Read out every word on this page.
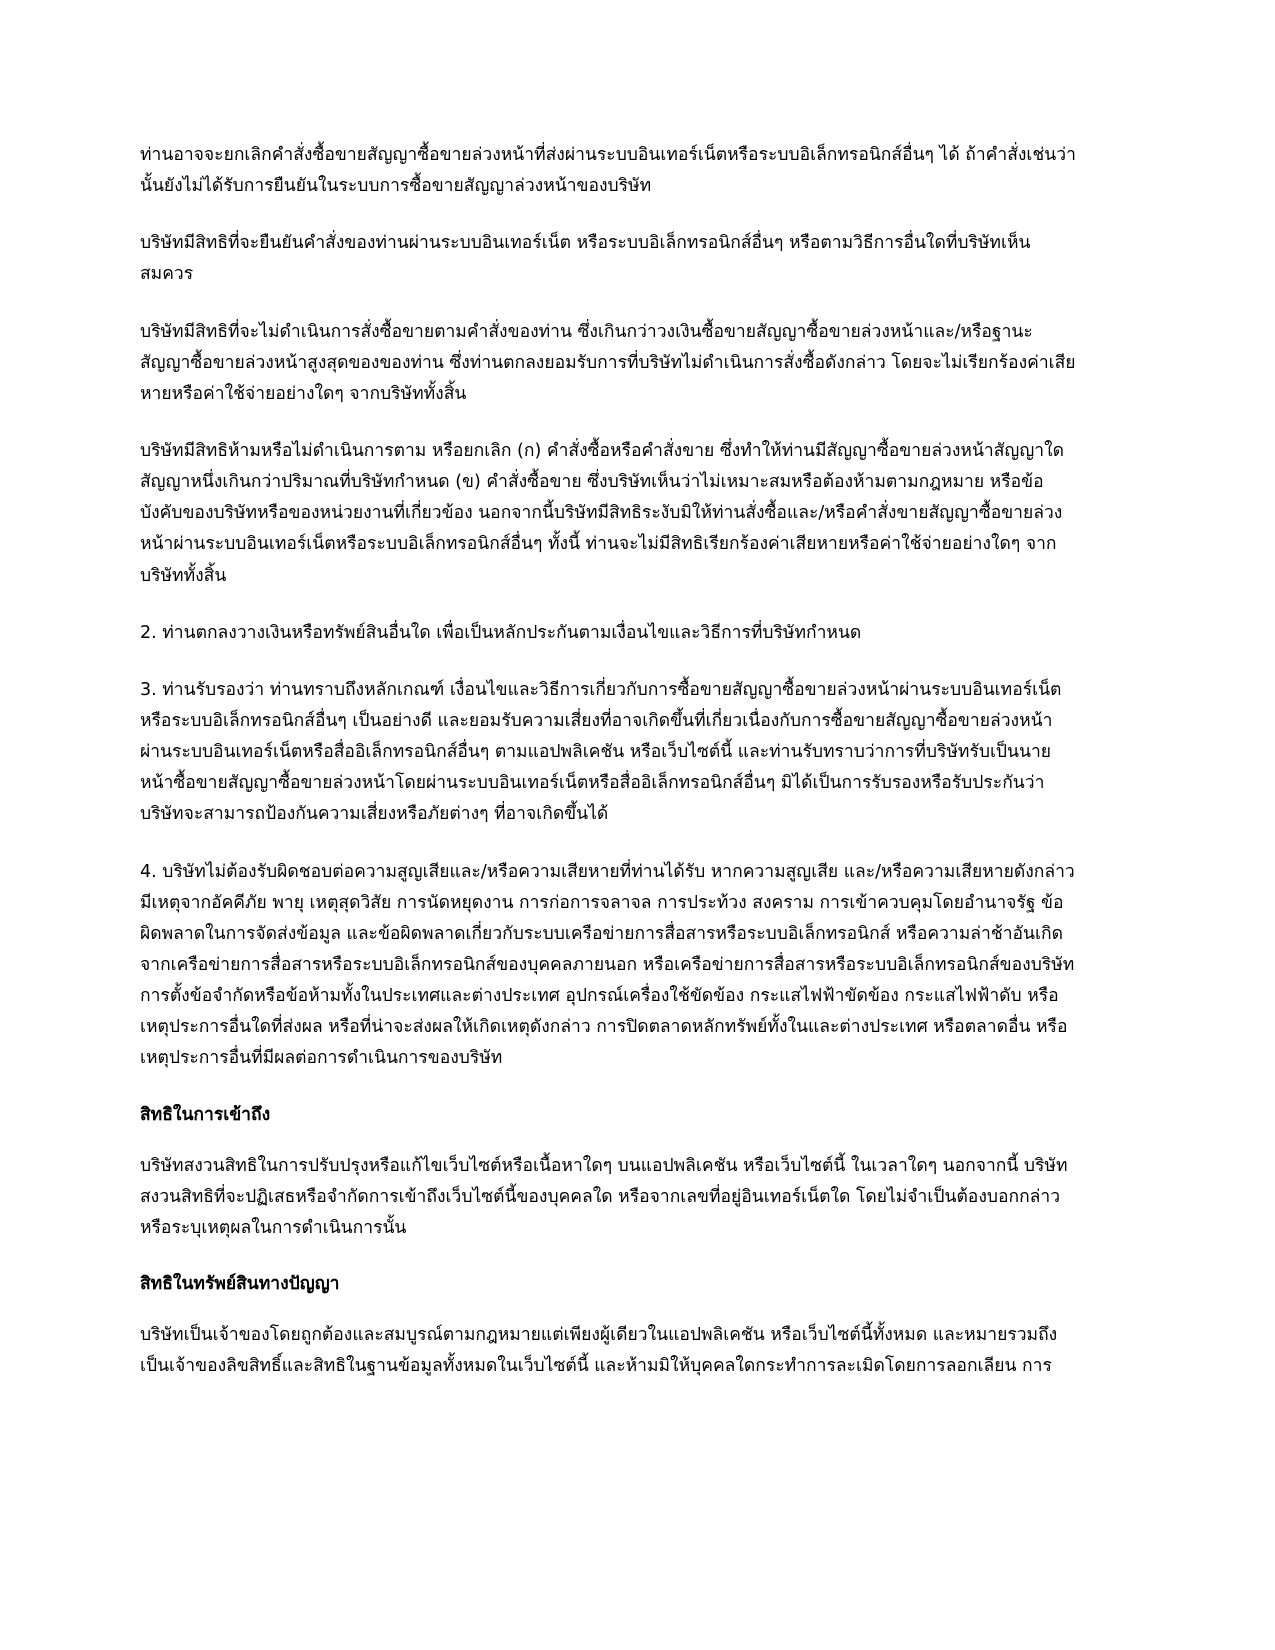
ท่านอาจจะยกเลิกคำสั่งซื้อขายสัญญาซื้อขายล่วงหน้าที่ส่งผ่านระบบอินเทอร์เน็ตหรือระบบอิเล็กทรอนิกส์อื่นๆ ได้ ถ้าคำสั่งเช่นว่านั้นยังไม่ได้รับการยืนยันในระบบการซื้อขายสัญญาล่วงหน้าของบริษัท

บริษัทมีสิทธิที่จะยืนยันคำสั่งของท่านผ่านระบบอินเทอร์เน็ต หรือระบบอิเล็กทรอนิกส์อื่นๆ หรือตามวิธีการอื่นใดที่บริษัทเห็นสมควร

บริษัทมีสิทธิที่จะไม่ดำเนินการสั่งซื้อขายตามคำสั่งของท่าน ซึ่งเกินกว่าวงเงินซื้อขายสัญญาซื้อขายล่วงหน้าและ/หรือฐานะสัญญาซื้อขายล่วงหน้าสูงสุดของของท่าน ซึ่งท่านตกลงยอมรับการที่บริษัทไม่ดำเนินการสั่งซื้อดังกล่าว โดยจะไม่เรียกร้องค่าเสียหายหรือค่าใช้จ่ายอย่างใดๆ จากบริษัททั้งสิ้น

บริษัทมีสิทธิห้ามหรือไม่ดำเนินการตาม หรือยกเลิก (ก) คำสั่งซื้อหรือคำสั่งขาย ซึ่งทำให้ท่านมีสัญญาซื้อขายล่วงหน้าสัญญาใดสัญญาหนึ่งเกินกว่าปริมาณที่บริษัทกำหนด (ข) คำสั่งซื้อขาย ซึ่งบริษัทเห็นว่าไม่เหมาะสมหรือต้องห้ามตามกฎหมาย หรือข้อบังคับของบริษัทหรือของหน่วยงานที่เกี่ยวข้อง นอกจากนี้บริษัทมีสิทธิระงับมิให้ท่านสั่งซื้อและ/หรือคำสั่งขายสัญญาซื้อขายล่วงหน้าผ่านระบบอินเทอร์เน็ตหรือระบบอิเล็กทรอนิกส์อื่นๆ ทั้งนี้ ท่านจะไม่มีสิทธิเรียกร้องค่าเสียหายหรือค่าใช้จ่ายอย่างใดๆ จากบริษัททั้งสิ้น

2. ท่านตกลงวางเงินหรือทรัพย์สินอื่นใด เพื่อเป็นหลักประกันตามเงื่อนไขและวิธีการที่บริษัทกำหนด

3. ท่านรับรองว่า ท่านทราบถึงหลักเกณฑ์ เงื่อนไขและวิธีการเกี่ยวกับการซื้อขายสัญญาซื้อขายล่วงหน้าผ่านระบบอินเทอร์เน็ตหรือระบบอิเล็กทรอนิกส์อื่นๆ เป็นอย่างดี และยอมรับความเสี่ยงที่อาจเกิดขึ้นที่เกี่ยวเนื่องกับการซื้อขายสัญญาซื้อขายล่วงหน้าผ่านระบบอินเทอร์เน็ตหรือสื่ออิเล็กทรอนิกส์อื่นๆ ตามแอปพลิเคชัน หรือเว็บไซต์นี้ และท่านรับทราบว่าการที่บริษัทรับเป็นนายหน้าซื้อขายสัญญาซื้อขายล่วงหน้าโดยผ่านระบบอินเทอร์เน็ตหรือสื่ออิเล็กทรอนิกส์อื่นๆ มิได้เป็นการรับรองหรือรับประกันว่า บริษัทจะสามารถป้องกันความเสี่ยงหรือภัยต่างๆ ที่อาจเกิดขึ้นได้

4. บริษัทไม่ต้องรับผิดชอบต่อความสูญเสียและ/หรือความเสียหายที่ท่านได้รับ หากความสูญเสีย และ/หรือความเสียหายดังกล่าวมีเหตุจากอัคคีภัย พายุ เหตุสุดวิสัย การนัดหยุดงาน การก่อการจลาจล การประท้วง สงคราม การเข้าควบคุมโดยอำนาจรัฐ ข้อผิดพลาดในการจัดส่งข้อมูล และข้อผิดพลาดเกี่ยวกับระบบเครือข่ายการสื่อสารหรือระบบอิเล็กทรอนิกส์ หรือความล่าช้าอันเกิดจากเครือข่ายการสื่อสารหรือระบบอิเล็กทรอนิกส์ของบุคคลภายนอก หรือเครือข่ายการสื่อสารหรือระบบอิเล็กทรอนิกส์ของบริษัท การตั้งข้อจำกัดหรือข้อห้ามทั้งในประเทศและต่างประเทศ อุปกรณ์เครื่องใช้ขัดข้อง กระแสไฟฟ้าขัดข้อง กระแสไฟฟ้าดับ หรือเหตุประการอื่นใดที่ส่งผล หรือที่น่าจะส่งผลให้เกิดเหตุดังกล่าว การปิดตลาดหลักทรัพย์ทั้งในและต่างประเทศ หรือตลาดอื่น หรือเหตุประการอื่นที่มีผลต่อการดำเนินการของบริษัท

สิทธิในการเข้าถึง

บริษัทสงวนสิทธิในการปรับปรุงหรือแก้ไขเว็บไซต์หรือเนื้อหาใดๆ บนแอปพลิเคชัน หรือเว็บไซต์นี้ ในเวลาใดๆ นอกจากนี้ บริษัทสงวนสิทธิที่จะปฏิเสธหรือจำกัดการเข้าถึงเว็บไซต์นี้ของบุคคลใด หรือจากเลขที่อยู่อินเทอร์เน็ตใด โดยไม่จำเป็นต้องบอกกล่าวหรือระบุเหตุผลในการดำเนินการนั้น

สิทธิในทรัพย์สินทางปัญญา

บริษัทเป็นเจ้าของโดยถูกต้องและสมบูรณ์ตามกฎหมายแต่เพียงผู้เดียวในแอปพลิเคชัน หรือเว็บไซต์นี้ทั้งหมด และหมายรวมถึงเป็นเจ้าของลิขสิทธิ์และสิทธิในฐานข้อมูลทั้งหมดในเว็บไซต์นี้ และห้ามมิให้บุคคลใดกระทำการละเมิดโดยการลอกเลียน การ
